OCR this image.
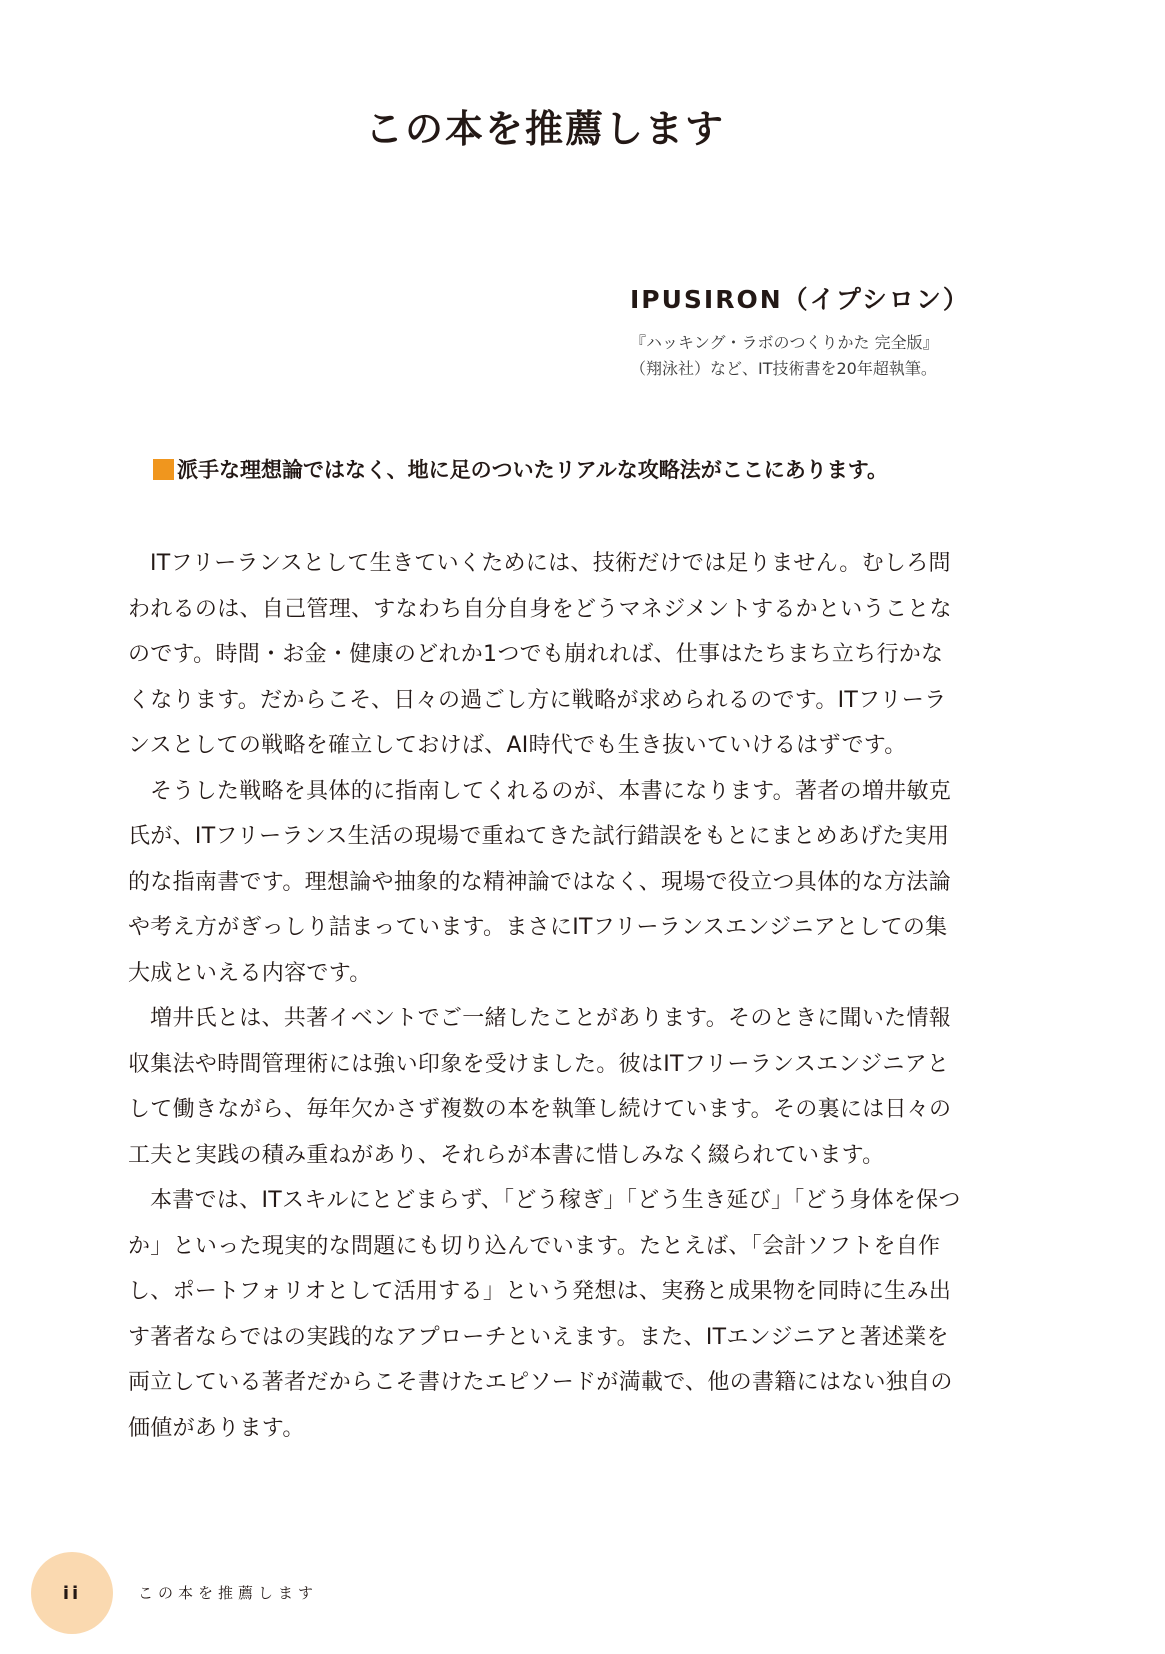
この本を推薦します

IPUSIRON（イプシロン）

『ハッキング・ラボのつくりかた 完全版』
（翔泳社）など、IT技術書を20年超執筆。

派手な理想論ではなく、地に足のついたリアルな攻略法がここにあります。

ITフリーランスとして生きていくためには、技術だけでは足りません。むしろ問われるのは、自己管理、すなわち自分自身をどうマネジメントするかということなのです。時間・お金・健康のどれか1つでも崩れれば、仕事はたちまち立ち行かなくなります。だからこそ、日々の過ごし方に戦略が求められるのです。ITフリーランスとしての戦略を確立しておけば、AI時代でも生き抜いていけるはずです。

そうした戦略を具体的に指南してくれるのが、本書になります。著者の増井敏克氏が、ITフリーランス生活の現場で重ねてきた試行錯誤をもとにまとめあげた実用的な指南書です。理想論や抽象的な精神論ではなく、現場で役立つ具体的な方法論や考え方がぎっしり詰まっています。まさにITフリーランスエンジニアとしての集大成といえる内容です。

増井氏とは、共著イベントでご一緒したことがあります。そのときに聞いた情報収集法や時間管理術には強い印象を受けました。彼はITフリーランスエンジニアとして働きながら、毎年欠かさず複数の本を執筆し続けています。その裏には日々の工夫と実践の積み重ねがあり、それらが本書に惜しみなく綴られています。

本書では、ITスキルにとどまらず、「どう稼ぎ」「どう生き延び」「どう身体を保つか」といった現実的な問題にも切り込んでいます。たとえば、「会計ソフトを自作し、ポートフォリオとして活用する」という発想は、実務と成果物を同時に生み出す著者ならではの実践的なアプローチといえます。また、ITエンジニアと著述業を両立している著者だからこそ書けたエピソードが満載で、他の書籍にはない独自の価値があります。

ii	この本を推薦します
